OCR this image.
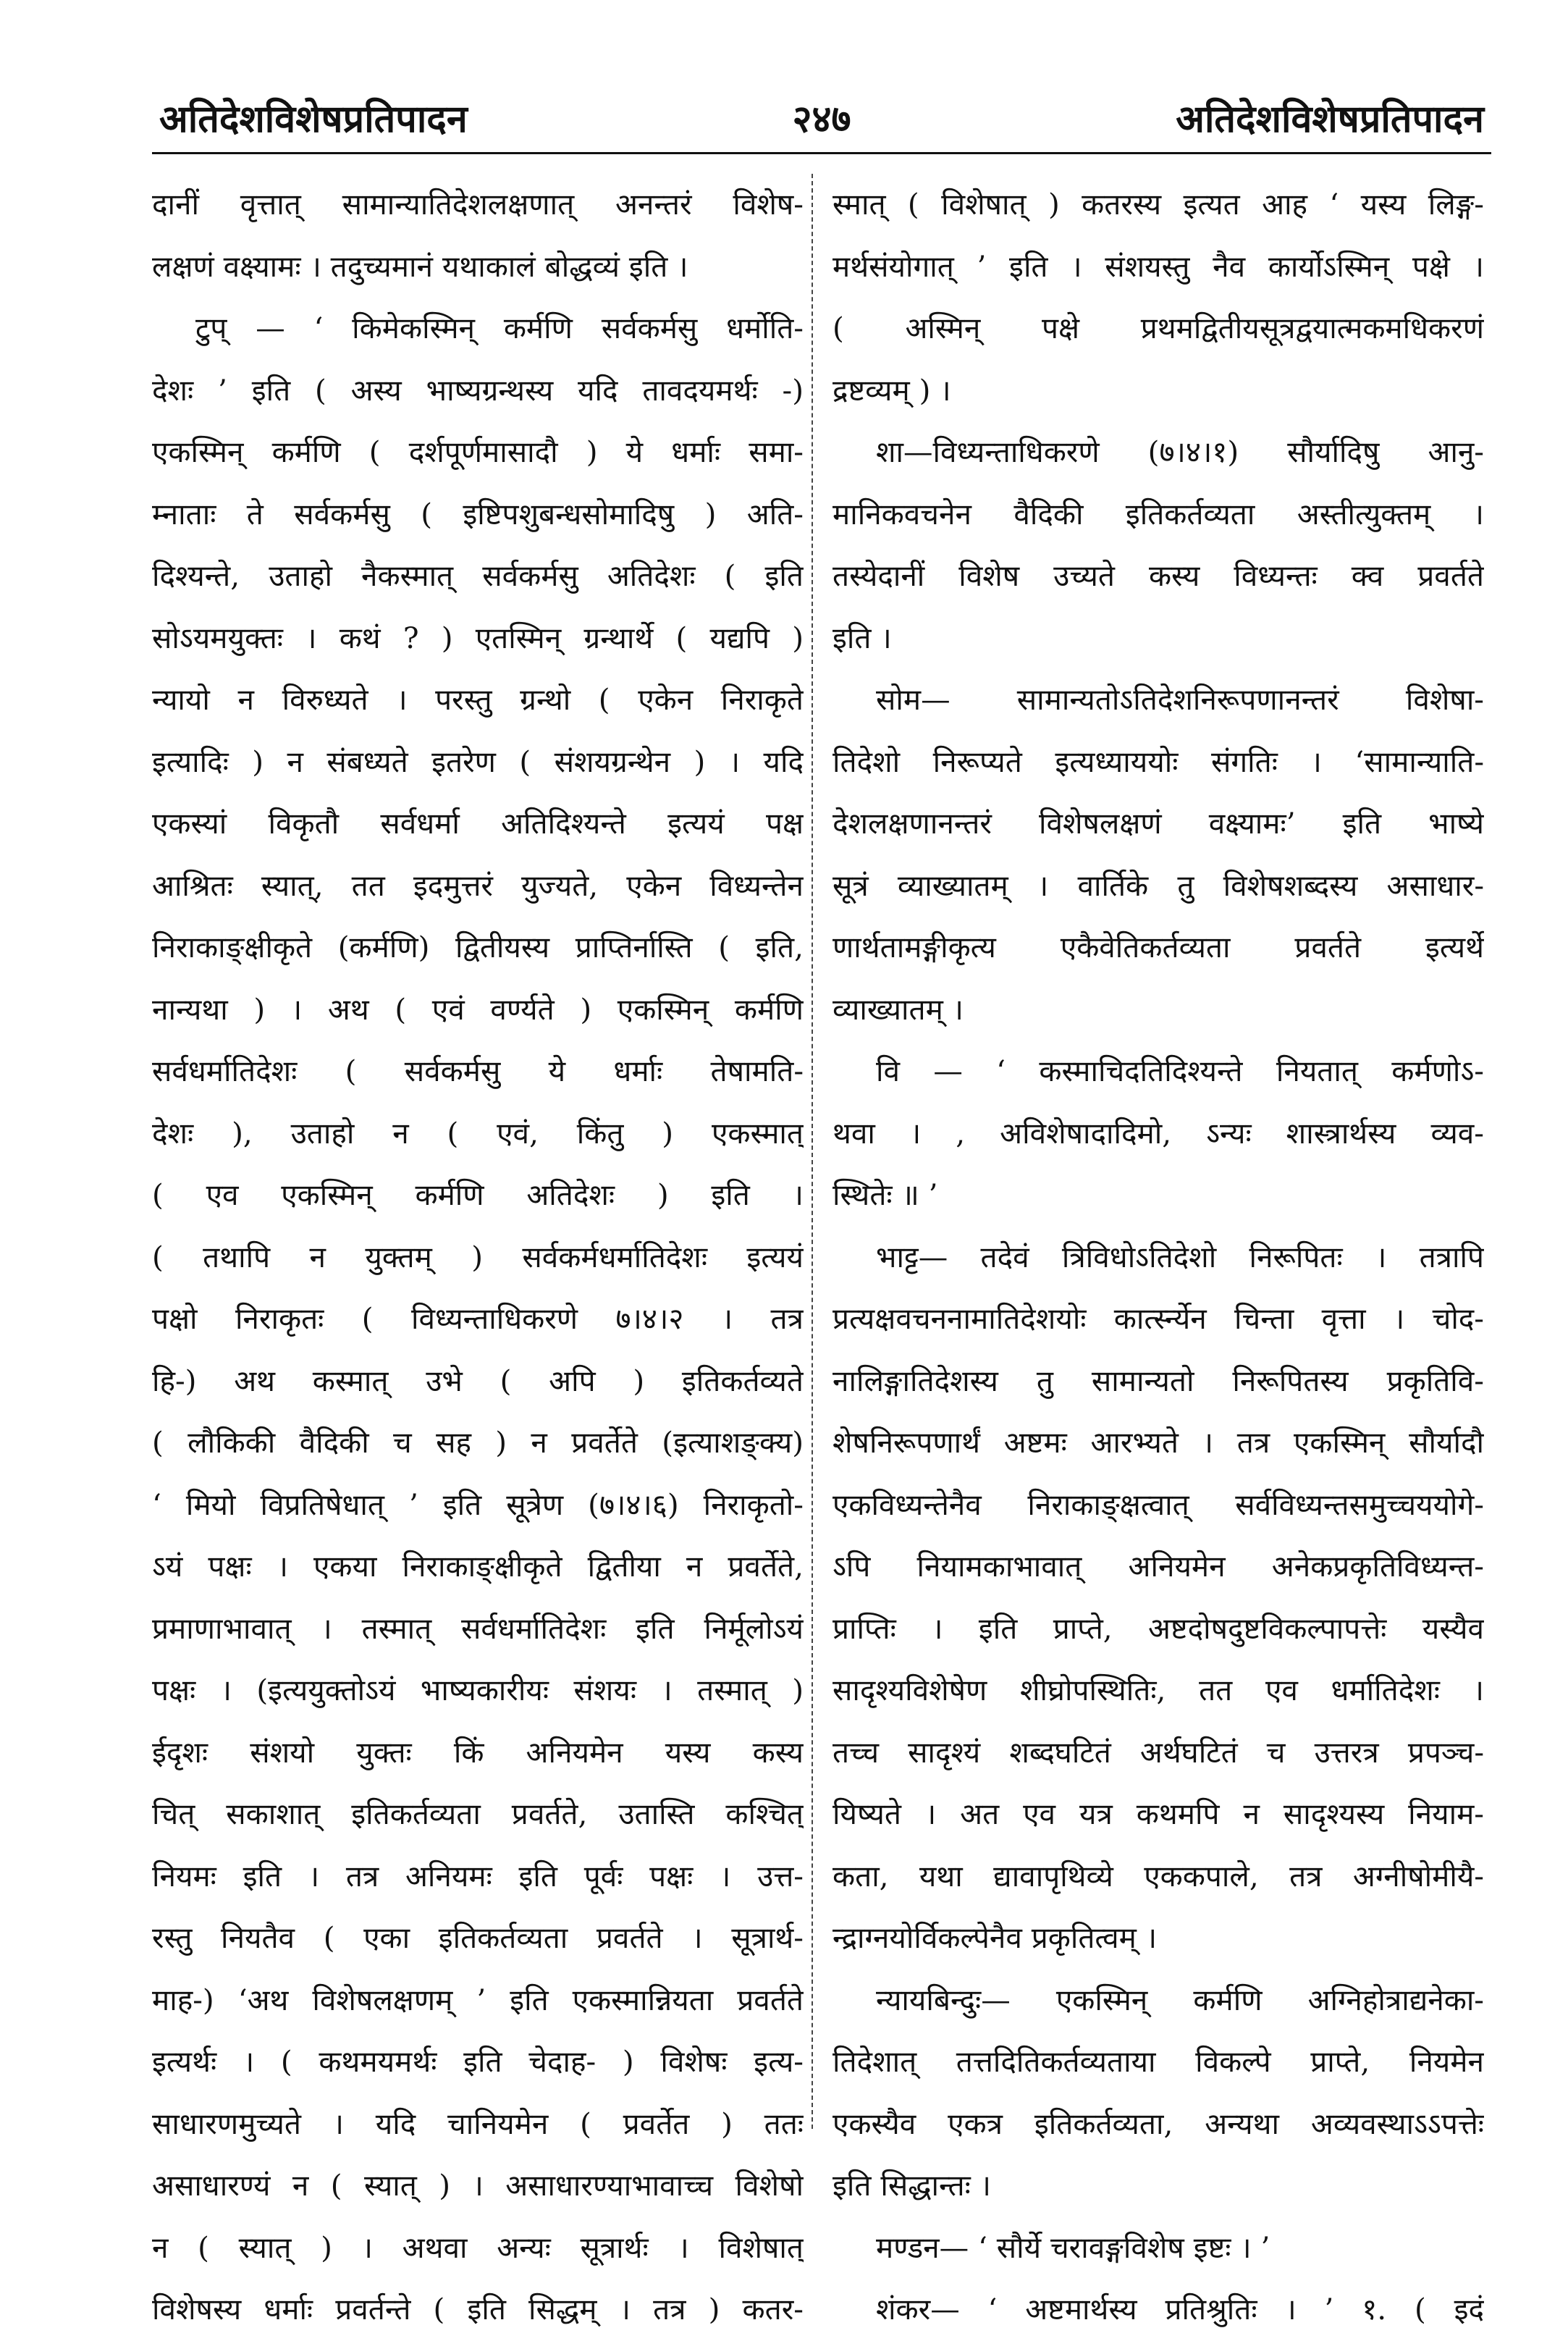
२४७
अतिदेशविशेषप्रतिपादन	अतिदेशविशेषप्रतिपादन
दानीं वृत्तात् सामान्यातिदेशलक्षणात् अनन्तरं विशेष-
लक्षणं वक्ष्यामः । तदुच्यमानं यथाकालं बोद्धव्यं इति ।
टुप् — ‘ किमेकस्मिन् कर्मणि सर्वकर्मसु धर्मोति-
देशः ’ इति ( अस्य भाष्यग्रन्थस्य यदि तावदयमर्थः -)
एकस्मिन् कर्मणि ( दर्शपूर्णमासादौ ) ये धर्माः समा-
म्नाताः ते सर्वकर्मसु ( इष्टिपशुबन्धसोमादिषु ) अति-
दिश्यन्ते, उताहो नैकस्मात् सर्वकर्मसु अतिदेशः ( इति
सोऽयमयुक्तः । कथं ? ) एतस्मिन् ग्रन्थार्थे ( यद्यपि )
न्यायो न विरुध्यते । परस्तु ग्रन्थो ( एकेन निराकृते
इत्यादिः ) न संबध्यते इतरेण ( संशयग्रन्थेन ) । यदि
एकस्यां विकृतौ सर्वधर्मा अतिदिश्यन्ते इत्ययं पक्ष
आश्रितः स्यात्, तत इदमुत्तरं युज्यते, एकेन विध्यन्तेन
निराकाङ्क्षीकृते (कर्मणि) द्वितीयस्य प्राप्तिर्नास्ति ( इति,
नान्यथा ) । अथ ( एवं वर्ण्यते ) एकस्मिन् कर्मणि
सर्वधर्मातिदेशः ( सर्वकर्मसु ये धर्माः तेषामति-
देशः ), उताहो न ( एवं, किंतु ) एकस्मात्
( एव एकस्मिन् कर्मणि अतिदेशः ) इति ।
( तथापि न युक्तम् ) सर्वकर्मधर्मातिदेशः इत्ययं
पक्षो निराकृतः ( विध्यन्ताधिकरणे ७।४।२ । तत्र
हि-) अथ कस्मात् उभे ( अपि ) इतिकर्तव्यते
( लौकिकी वैदिकी च सह ) न प्रवर्तेते (इत्याशङ्क्य)
‘ मियो विप्रतिषेधात् ’ इति सूत्रेण (७।४।६) निराकृतो-
ऽयं पक्षः । एकया निराकाङ्क्षीकृते द्वितीया न प्रवर्तेते,
प्रमाणाभावात् । तस्मात् सर्वधर्मातिदेशः इति निर्मूलोऽयं
पक्षः । (इत्ययुक्तोऽयं भाष्यकारीयः संशयः । तस्मात् )
ईदृशः संशयो युक्तः किं अनियमेन यस्य कस्य
चित् सकाशात् इतिकर्तव्यता प्रवर्तते, उतास्ति कश्चित्
नियमः इति । तत्र अनियमः इति पूर्वः पक्षः । उत्त-
रस्तु नियतैव ( एका इतिकर्तव्यता प्रवर्तते । सूत्रार्थ-
माह-) ‘अथ विशेषलक्षणम् ’ इति एकस्मान्नियता प्रवर्तते
इत्यर्थः । ( कथमयमर्थः इति चेदाह- ) विशेषः इत्य-
साधारणमुच्यते । यदि चानियमेन ( प्रवर्तेत ) ततः
असाधारण्यं न ( स्यात् ) । असाधारण्याभावाच्च विशेषो
न ( स्यात् ) । अथवा अन्यः सूत्रार्थः । विशेषात्
विशेषस्य धर्माः प्रवर्तन्ते ( इति सिद्धम् । तत्र ) कतर-
स्मात् ( विशेषात् ) कतरस्य इत्यत आह ‘ यस्य लिङ्ग-
मर्थसंयोगात् ’ इति । संशयस्तु नैव कार्योऽस्मिन् पक्षे ।
( अस्मिन् पक्षे प्रथमद्वितीयसूत्रद्वयात्मकमधिकरणं
द्रष्टव्यम् ) ।
शा—विध्यन्ताधिकरणे (७।४।१) सौर्यादिषु आनु-
मानिकवचनेन वैदिकी इतिकर्तव्यता अस्तीत्युक्तम् ।
तस्येदानीं विशेष उच्यते कस्य विध्यन्तः क्व प्रवर्तते
इति ।
सोम— सामान्यतोऽतिदेशनिरूपणानन्तरं विशेषा-
तिदेशो निरूप्यते इत्यध्याययोः संगतिः । ‘सामान्याति-
देशलक्षणानन्तरं विशेषलक्षणं वक्ष्यामः’ इति भाष्ये
सूत्रं व्याख्यातम् । वार्तिके तु विशेषशब्दस्य असाधार-
णार्थतामङ्गीकृत्य एकैवेतिकर्तव्यता प्रवर्तते इत्यर्थे
व्याख्यातम् ।
वि — ‘ कस्माचिदतिदिश्यन्ते नियतात् कर्मणोऽ-
थवा । , अविशेषादादिमो, ऽन्यः शास्त्रार्थस्य व्यव-
स्थितेः ॥ ’
भाट्ट— तदेवं त्रिविधोऽतिदेशो निरूपितः । तत्रापि
प्रत्यक्षवचननामातिदेशयोः कार्त्स्न्येन चिन्ता वृत्ता । चोद-
नालिङ्गातिदेशस्य तु सामान्यतो निरूपितस्य प्रकृतिवि-
शेषनिरूपणार्थं अष्टमः आरभ्यते । तत्र एकस्मिन् सौर्यादौ
एकविध्यन्तेनैव निराकाङ्क्षत्वात् सर्वविध्यन्तसमुच्चययोगे-
ऽपि नियामकाभावात् अनियमेन अनेकप्रकृतिविध्यन्त-
प्राप्तिः । इति प्राप्ते, अष्टदोषदुष्टविकल्पापत्तेः यस्यैव
सादृश्यविशेषेण शीघ्रोपस्थितिः, तत एव धर्मातिदेशः ।
तच्च सादृश्यं शब्दघटितं अर्थघटितं च उत्तरत्र प्रपञ्च-
यिष्यते । अत एव यत्र कथमपि न सादृश्यस्य नियाम-
कता, यथा द्यावापृथिव्ये एककपाले, तत्र अग्नीषोमीयै-
न्द्राग्नयोर्विकल्पेनैव प्रकृतित्वम् ।
न्यायबिन्दुः— एकस्मिन् कर्मणि अग्निहोत्राद्यनेका-
तिदेशात् तत्तदितिकर्तव्यताया विकल्पे प्राप्ते, नियमेन
एकस्यैव एकत्र इतिकर्तव्यता, अन्यथा अव्यवस्थाऽऽपत्तेः
इति सिद्धान्तः ।
मण्डन— ‘ सौर्ये चरावङ्गविशेष इष्टः । ’
शंकर— ‘ अष्टमार्थस्य प्रतिश्रुतिः । ’ १. ( इदं
